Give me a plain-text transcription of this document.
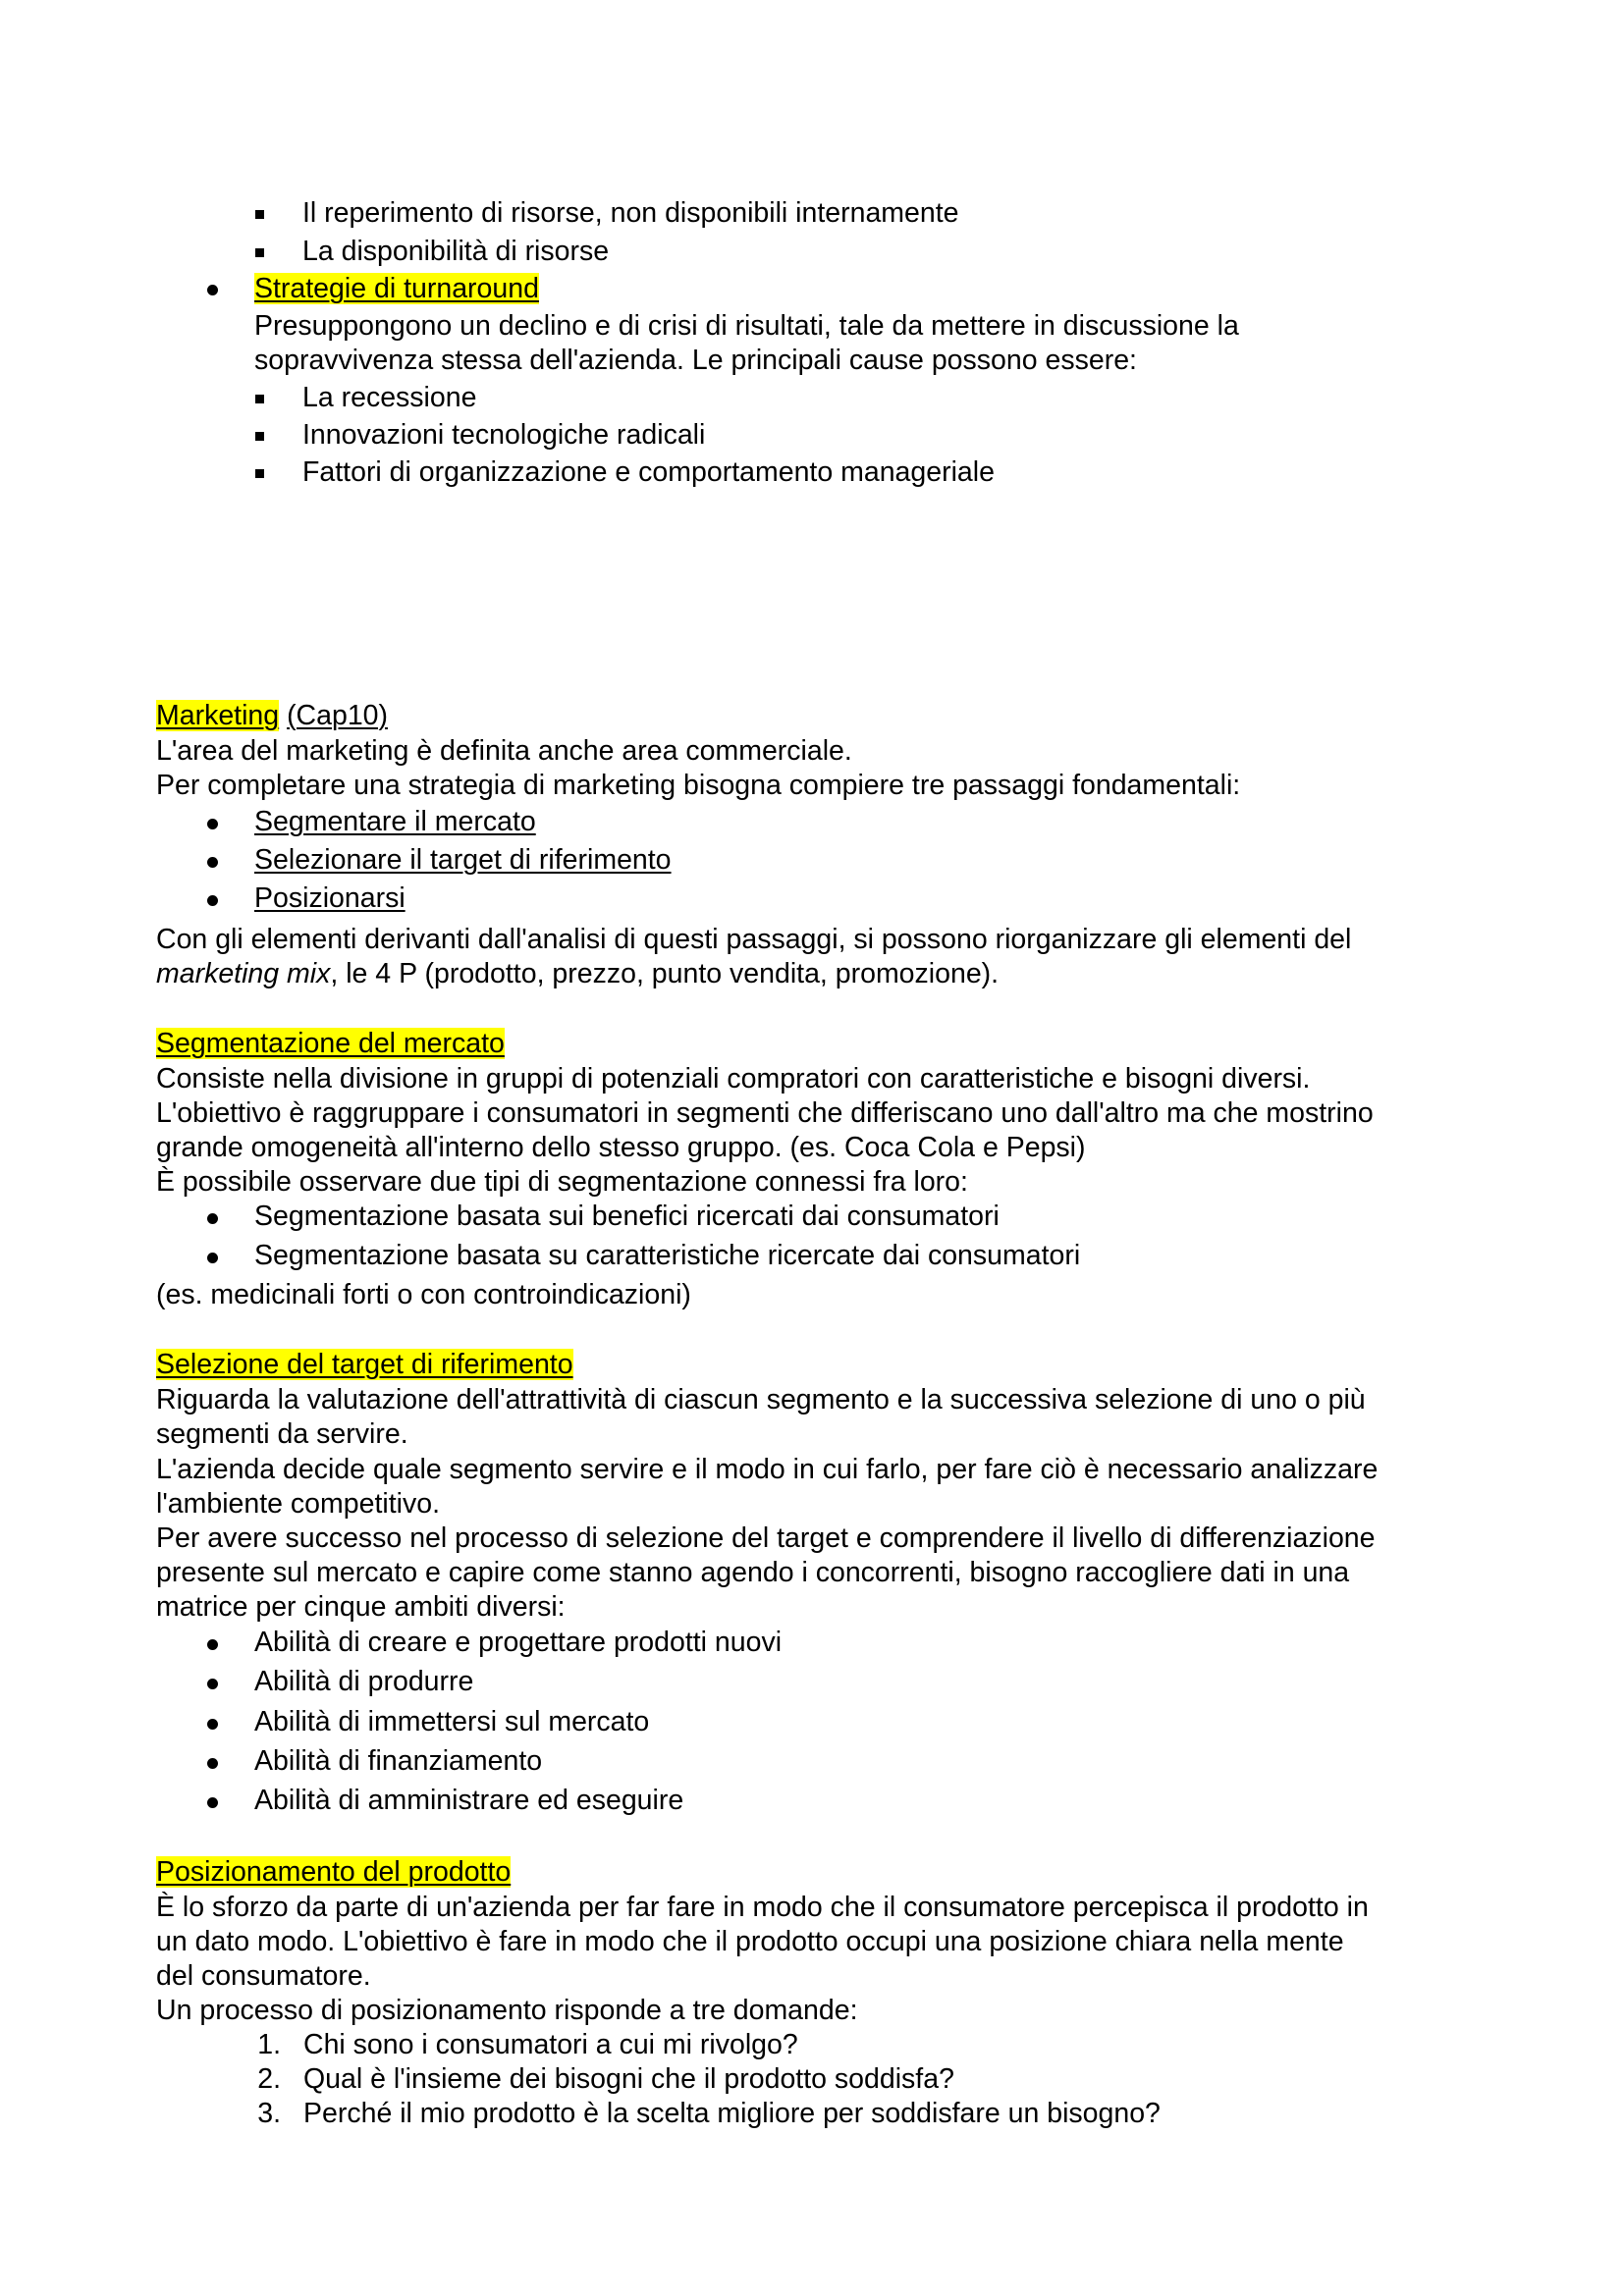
Il reperimento di risorse, non disponibili internamente
La disponibilità di risorse
Strategie di turnaround
Presuppongono un declino e di crisi di risultati, tale da mettere in discussione la
sopravvivenza stessa dell'azienda. Le principali cause possono essere:
La recessione
Innovazioni tecnologiche radicali
Fattori di organizzazione e comportamento manageriale
Marketing (Cap10)
L'area del marketing è definita anche area commerciale.
Per completare una strategia di marketing bisogna compiere tre passaggi fondamentali:
Segmentare il mercato
Selezionare il target di riferimento
Posizionarsi
Con gli elementi derivanti dall'analisi di questi passaggi, si possono riorganizzare gli elementi del
marketing mix, le 4 P (prodotto, prezzo, punto vendita, promozione).
Segmentazione del mercato
Consiste nella divisione in gruppi di potenziali compratori con caratteristiche e bisogni diversi.
L'obiettivo è raggruppare i consumatori in segmenti che differiscano uno dall'altro ma che mostrino
grande omogeneità all'interno dello stesso gruppo. (es. Coca Cola e Pepsi)
È possibile osservare due tipi di segmentazione connessi fra loro:
Segmentazione basata sui benefici ricercati dai consumatori
Segmentazione basata su caratteristiche ricercate dai consumatori
(es. medicinali forti o con controindicazioni)
Selezione del target di riferimento
Riguarda la valutazione dell'attrattività di ciascun segmento e la successiva selezione di uno o più
segmenti da servire.
L'azienda decide quale segmento servire e il modo in cui farlo, per fare ciò è necessario analizzare
l'ambiente competitivo.
Per avere successo nel processo di selezione del target e comprendere il livello di differenziazione
presente sul mercato e capire come stanno agendo i concorrenti, bisogno raccogliere dati in una
matrice per cinque ambiti diversi:
Abilità di creare e progettare prodotti nuovi
Abilità di produrre
Abilità di immettersi sul mercato
Abilità di finanziamento
Abilità di amministrare ed eseguire
Posizionamento del prodotto
È lo sforzo da parte di un'azienda per far fare in modo che il consumatore percepisca il prodotto in
un dato modo. L'obiettivo è fare in modo che il prodotto occupi una posizione chiara nella mente
del consumatore.
Un processo di posizionamento risponde a tre domande:
1. Chi sono i consumatori a cui mi rivolgo?
2. Qual è l'insieme dei bisogni che il prodotto soddisfa?
3. Perché il mio prodotto è la scelta migliore per soddisfare un bisogno?
